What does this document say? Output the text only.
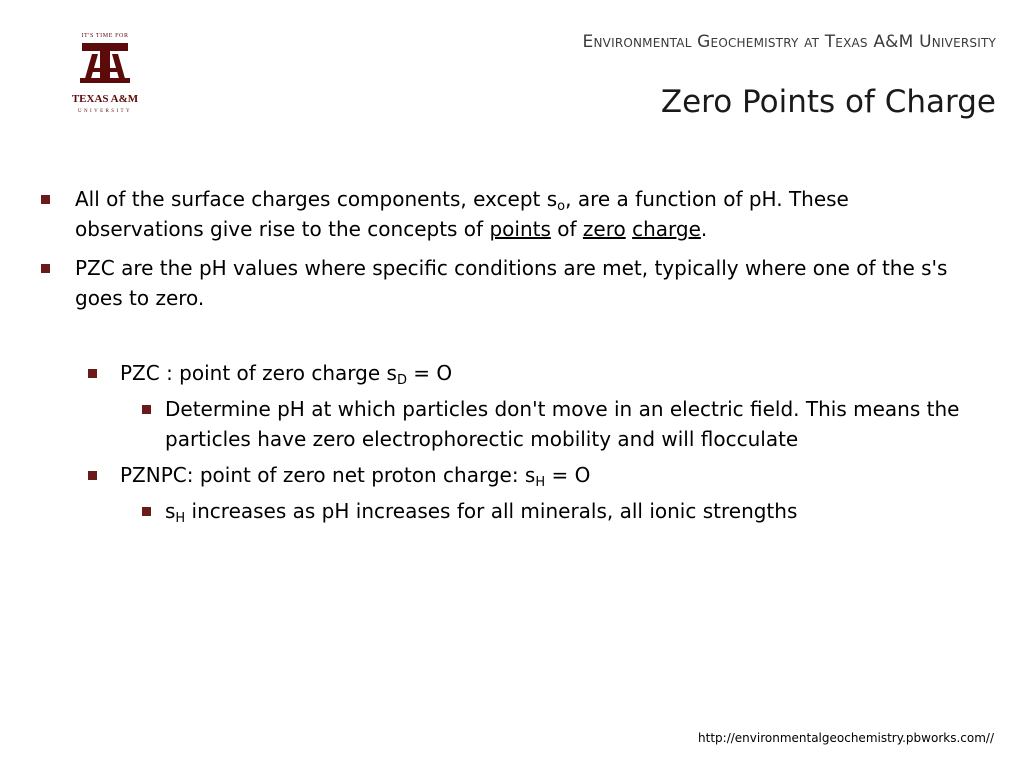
IT'S TIME FOR
TEXAS A&M
UNIVERSITY
Environmental Geochemistry at Texas A&M University
Zero Points of Charge
All of the surface charges components, except $s_o$, are a function of pH. These observations give rise to the concepts of points of zero charge.
PZC are the pH values where specific conditions are met, typically where one of the s's goes to zero.
PZC : point of zero charge $s_D = O$
Determine pH at which particles don't move in an electric field. This means the particles have zero electrophorectic mobility and will flocculate
PZNPC: point of zero net proton charge: $s_H = O$
$s_H$ increases as pH increases for all minerals, all ionic strengths
http://environmentalgeochemistry.pbworks.com//
